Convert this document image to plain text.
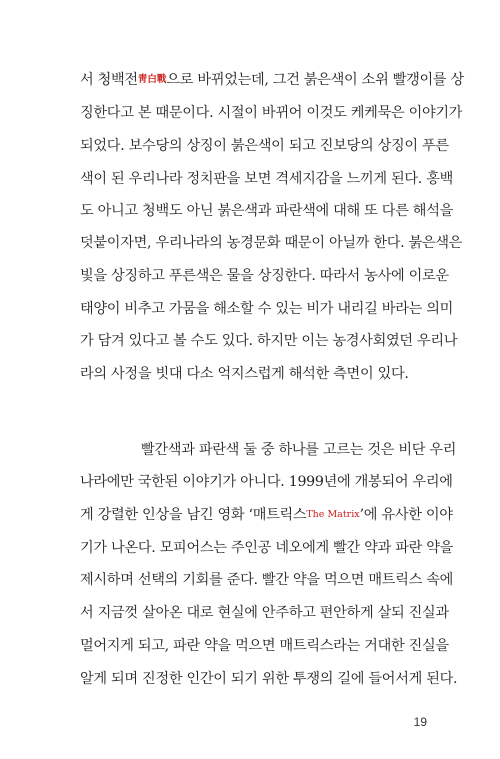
서 청백전靑白戰으로 바뀌었는데, 그건 붉은색이 소위 빨갱이를 상
징한다고 본 때문이다. 시절이 바뀌어 이것도 케케묵은 이야기가
되었다. 보수당의 상징이 붉은색이 되고 진보당의 상징이 푸른
색이 된 우리나라 정치판을 보면 격세지감을 느끼게 된다. 홍백
도 아니고 청백도 아닌 붉은색과 파란색에 대해 또 다른 해석을
덧붙이자면, 우리나라의 농경문화 때문이 아닐까 한다. 붉은색은
빛을 상징하고 푸른색은 물을 상징한다. 따라서 농사에 이로운
태양이 비추고 가뭄을 해소할 수 있는 비가 내리길 바라는 의미
가 담겨 있다고 볼 수도 있다. 하지만 이는 농경사회였던 우리나
라의 사정을 빗대 다소 억지스럽게 해석한 측면이 있다.
빨간색과 파란색 둘 중 하나를 고르는 것은 비단 우리
나라에만 국한된 이야기가 아니다. 1999년에 개봉되어 우리에
게 강렬한 인상을 남긴 영화 ‘매트릭스The Matrix’에 유사한 이야
기가 나온다. 모피어스는 주인공 네오에게 빨간 약과 파란 약을
제시하며 선택의 기회를 준다. 빨간 약을 먹으면 매트릭스 속에
서 지금껏 살아온 대로 현실에 안주하고 편안하게 살되 진실과
멀어지게 되고, 파란 약을 먹으면 매트릭스라는 거대한 진실을
알게 되며 진정한 인간이 되기 위한 투쟁의 길에 들어서게 된다.
19
